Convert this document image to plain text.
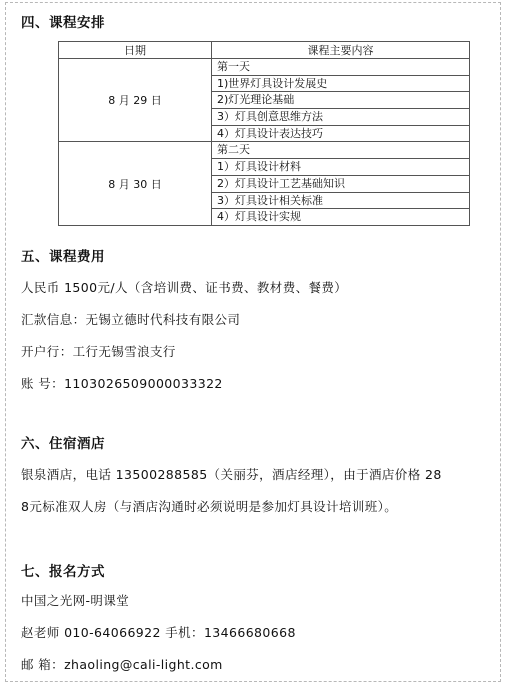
四、课程安排
日期	课程主要内容
8 月 29 日	第一天
1)世界灯具设计发展史
2)灯光理论基础
3）灯具创意思维方法
4）灯具设计表达技巧

8 月 30 日	第二天
1）灯具设计材料
2）灯具设计工艺基础知识
3）灯具设计相关标准
4）灯具设计实规
五、课程费用
人民币 1500元/人（含培训费、证书费、教材费、餐费）
汇款信息：无锡立德时代科技有限公司
开户行：工行无锡雪浪支行
账 号：1103026509000033322
六、住宿酒店
银泉酒店，电话 13500288585（关丽芬，酒店经理），由于酒店价格 28
8元标准双人房（与酒店沟通时必须说明是参加灯具设计培训班）。
七、报名方式
中国之光网-明课堂
赵老师 010-64066922 手机：13466680668
邮 箱：zhaoling@cali-light.com
